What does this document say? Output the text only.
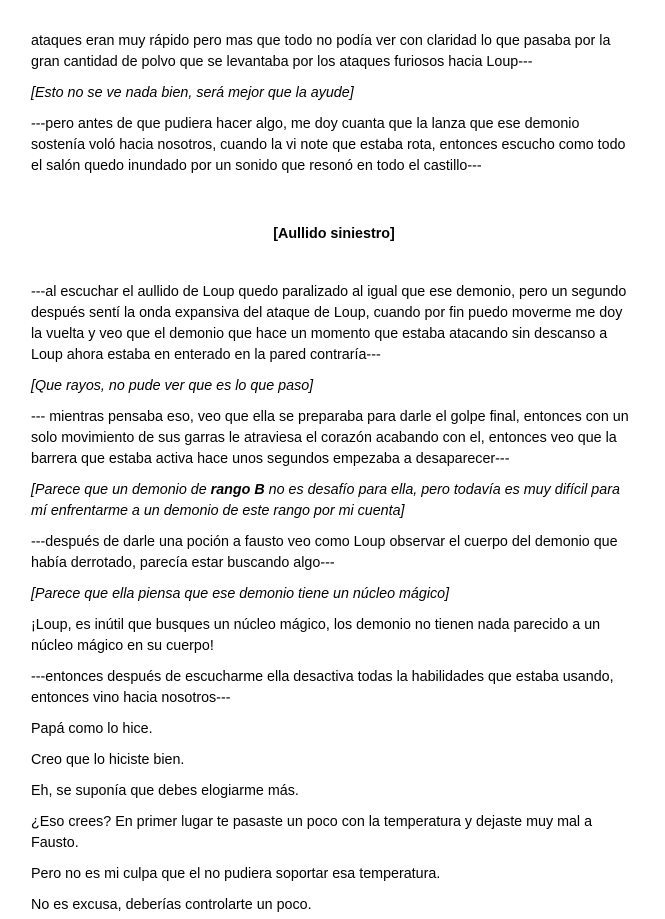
ataques eran muy rápido pero mas que todo no podía ver con claridad lo que pasaba por la gran cantidad de polvo que se levantaba por los ataques furiosos hacia Loup---

[Esto no se ve nada bien, será mejor que la ayude]

---pero antes de que pudiera hacer algo, me doy cuanta que la lanza que ese demonio sostenía voló hacia nosotros, cuando la vi note que estaba rota, entonces escucho como todo el salón quedo inundado por un sonido que resonó en todo el castillo---

[Aullido siniestro]

---al escuchar el aullido de Loup quedo paralizado al igual que ese demonio, pero un segundo después sentí la onda expansiva del ataque de Loup, cuando por fin puedo moverme me doy la vuelta y veo que el demonio que hace un momento que estaba atacando sin descanso a Loup ahora estaba en enterado en la pared contraría---

[Que rayos, no pude ver que es lo que paso]

--- mientras pensaba eso, veo que ella se preparaba para darle el golpe final, entonces con un solo movimiento de sus garras le atraviesa el corazón acabando con el, entonces veo que la barrera que estaba activa hace unos segundos empezaba a desaparecer---

[Parece que un demonio de rango B no es desafío para ella, pero todavía es muy difícil para mí enfrentarme a un demonio de este rango por mi cuenta]

---después de darle una poción a fausto veo como Loup observar el cuerpo del demonio que había derrotado, parecía estar buscando algo---

[Parece que ella piensa que ese demonio tiene un núcleo mágico]

¡Loup, es inútil que busques un núcleo mágico, los demonio no tienen nada parecido a un núcleo mágico en su cuerpo!

---entonces después de escucharme ella desactiva todas la habilidades que estaba usando, entonces vino hacia nosotros---

Papá como lo hice.

Creo que lo hiciste bien.

Eh, se suponía que debes elogiarme más.

¿Eso crees? En primer lugar te pasaste un poco con la temperatura y dejaste muy mal a Fausto.

Pero no es mi culpa que el no pudiera soportar esa temperatura.

No es excusa, deberías controlarte un poco.
